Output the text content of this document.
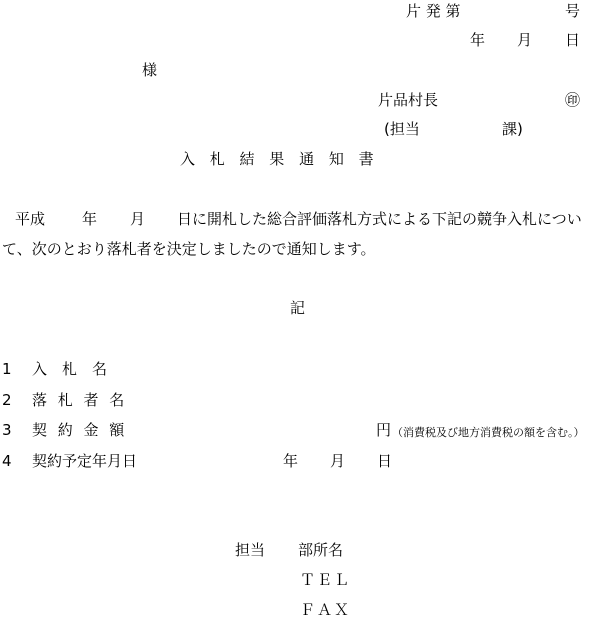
片 発 第	号
年 月 日
様
片品村長	㊞
(担当	課)
入 札 結 果 通 知 書
平成 年 月 日に開札した総合評価落札方式による下記の競争入札につい
て、次のとおり落札者を決定しましたので通知します。
記
1 入　札　名
2 落 札 者 名
3 契 約 金 額	円 （消費税及び地方消費税の額を含む。）
4 契約予定年月日	年 月 日
担当 部所名
ＴＥＬ
ＦＡＸ
